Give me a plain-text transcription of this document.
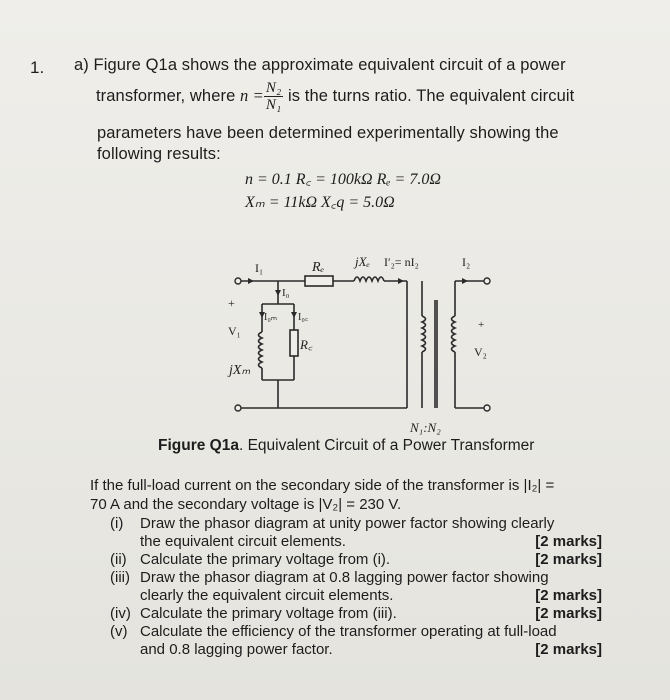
1. a) Figure Q1a shows the approximate equivalent circuit of a power
transformer, where $n = \frac{\text{N₂}}{\text{N₁}}$ is the turns ratio. The equivalent circuit
parameters have been determined experimentally showing the
following results:
n = 0.1 R꜀ = 100kΩ Rₑ = 7.0Ω
Xₘ = 11kΩ X꜀q = 5.0Ω
I₁	Rₑ jXₑ I′₂= nI₂	I₂
I₀
I₀ₘ I₀꜀
R꜀
+
V₁
jXₘ
+
V₂
N₁:N₂
Figure Q1a. Equivalent Circuit of a Power Transformer
If the full-load current on the secondary side of the transformer is |I₂| =
70 A and the secondary voltage is |V₂| = 230 V.
(i) Draw the phasor diagram at unity power factor showing clearly
the equivalent circuit elements.	[2 marks]
(ii) Calculate the primary voltage from (i).	[2 marks]
(iii) Draw the phasor diagram at 0.8 lagging power factor showing
clearly the equivalent circuit elements.	[2 marks]
(iv) Calculate the primary voltage from (iii).	[2 marks]
(v) Calculate the efficiency of the transformer operating at full-load
and 0.8 lagging power factor.	[2 marks]
